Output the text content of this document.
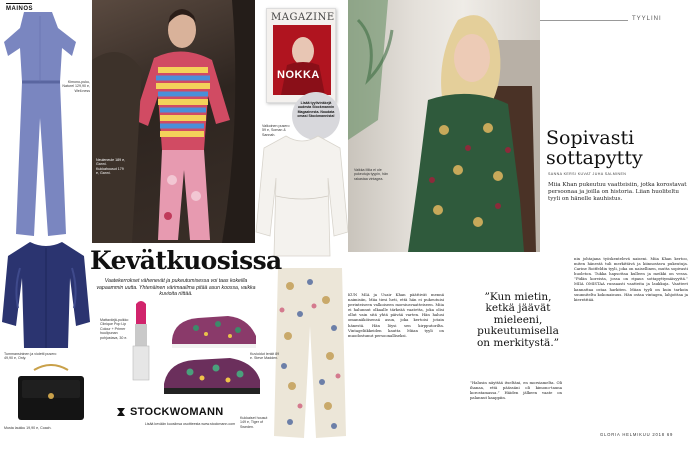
MAINOS
Kimono-puku, Naturel 129,90 e, Well.ness
Tummansininen ja violetti pusero 49,90 e, Only.
Musta laukku 19,90 e, Coach.
Neuleneule 189 e, Ganni. Kukkahousut 179 e, Ganni.
MAGAZINE
NOKKA
Lisää tyylivinkkejä uudesta Stockmannin Magazinesta. Noudata omasi Stockmannista!
Valkoinen pusero 59 e, Soman & Sannah.
Kukkaiset housut 149 e, Tiger of Sweden.
Mattavärjä-puikko Clinique Pop Lip Colour + Primer huulipunan pohjustava, 30 e.
Kuvioidut lenkit 89 e. Steve Madden.
Kevätkuosissa
Vaatekerrokset vähenevät ja pukeutumisessa voi taas kokeilla vapaammin uutta. Yhtenäinen värimaailma pitää asun koossa, vaikka kuvioita riittää.
STOCKWOMANN
Lisää kevään kuosiinsa osoitteesta www.stockmann.com
Vaikka Miia ei ole pukeutuja tyypin, hän rakastaa vintagea.
TYYLINI
Sopivasti sottapytty
SANNA KERSI KUVAT JUHA SALMINEN
Miia Khan pukeutuu vaatteisiin, jotka korostavat persoonaa ja joilla on historia. Liian huoliteltu tyyli on hänelle kauhistus.
KUN MIA ja Usair Khan päättivät mennä naimisiin, Miia tiesi heti, että hän ei pukeutuisi perinteiseen valkoiseen morsiusvaatteiseen. Miia ei halunnut olkaalle tärkeää vaatetta, joka olisi ollut vain sitä yhtä päivää varten. Hän halusi omannäköisensä asun, joka kertoisi jotain hänestä. Hän löysi sen kirpputorilta. Vintageliikkeiden kautta Miian tyyli on muodostunut persoonalliseksi.
”Kun mietin, ketkä jäävät mieleeni, pukeutumisella on merkitystä.”
”Halusin näyttää itseltäni, en morsiamelta. Oli ihanaa, että päässäni oli kimono-tauna korostamassa.” Häiden jälkeen vaate on palannut kaappiin.
nin johtajana työskentelevä naiseni. Miia Khan kertoo, miten hänestä tuli merkittävä ja kiinnostava pukeutuja. Carine Roitfeldin tyyli, joka on naisellinen, mutta sopivasti huoleton. Tukka hapsottaa kulleen ja meikki on vessa. ”Pidän koreista, jossa on ripaus sottapyttymäisyyttä.” MIIA OMISTAA runsaasti vaatteita ja laukkuja. Vaatteet kannattaa ostaa harkiten. Miian tyyli on kuin tarkoin suunniteltu kokonaisuus. Hän ostaa vintagea, lahjoittaa ja kierrättää.
GLORIA HELMIKUU 2018 69
